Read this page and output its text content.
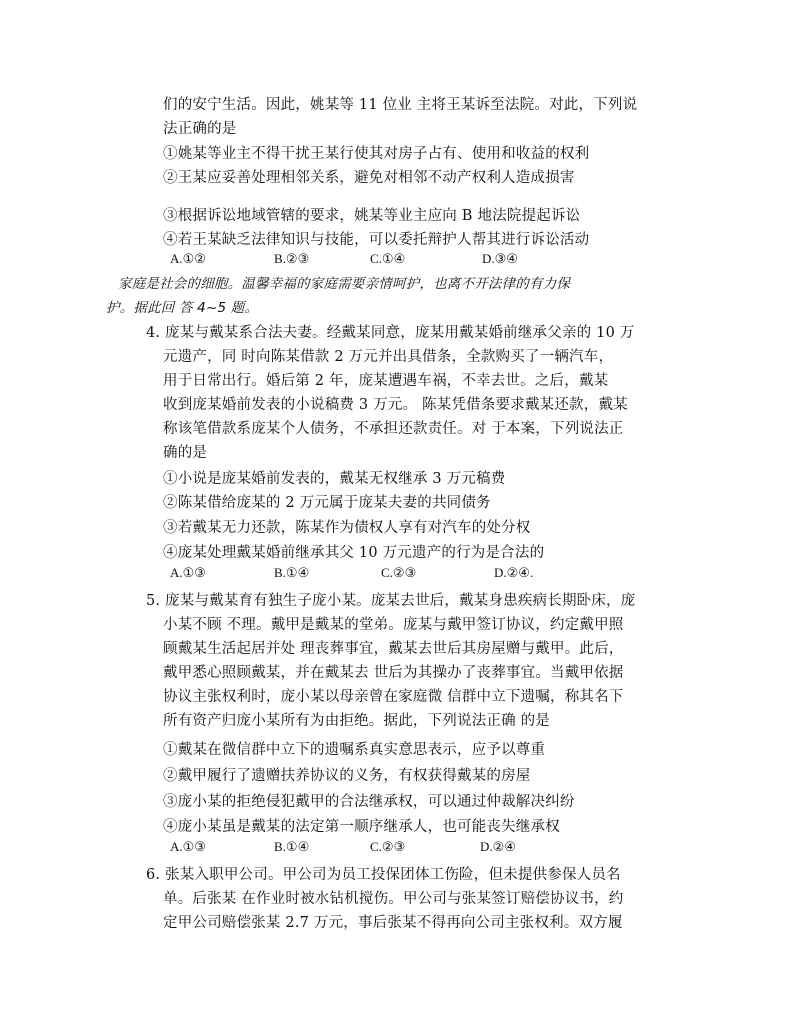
们的安宁生活。因此，姚某等 11 位业 主将王某诉至法院。对此，下列说
法正确的是
①姚某等业主不得干扰王某行使其对房子占有、使用和收益的权利
②王某应妥善处理相邻关系，避免对相邻不动产权利人造成损害
③根据诉讼地域管辖的要求，姚某等业主应向 B 地法院提起诉讼
④若王某缺乏法律知识与技能，可以委托辩护人帮其进行诉讼活动
A.①②	B.②③	C.①④	D.③④
家庭是社会的细胞。温馨幸福的家庭需要亲情呵护，也离不开法律的有力保
护。据此回 答 4~5 题。
4. 庞某与戴某系合法夫妻。经戴某同意，庞某用戴某婚前继承父亲的 10 万
元遗产，同 时向陈某借款 2 万元并出具借条，全款购买了一辆汽车，
用于日常出行。婚后第 2 年，庞某遭遇车祸，不幸去世。之后，戴某
收到庞某婚前发表的小说稿费 3 万元。 陈某凭借条要求戴某还款，戴某
称该笔借款系庞某个人债务，不承担还款责任。对 于本案，下列说法正
确的是
①小说是庞某婚前发表的，戴某无权继承 3 万元稿费
②陈某借给庞某的 2 万元属于庞某夫妻的共同债务
③若戴某无力还款，陈某作为债权人享有对汽车的处分权
④庞某处理戴某婚前继承其父 10 万元遗产的行为是合法的
A.①③	B.①④	C.②③	D.②④.
5. 庞某与戴某育有独生子庞小某。庞某去世后，戴某身患疾病长期卧床，庞
小某不顾 不理。戴甲是戴某的堂弟。庞某与戴甲签订协议，约定戴甲照
顾戴某生活起居并处 理丧葬事宜，戴某去世后其房屋赠与戴甲。此后，
戴甲悉心照顾戴某，并在戴某去 世后为其操办了丧葬事宜。当戴甲依据
协议主张权利时，庞小某以母亲曾在家庭微 信群中立下遗嘱，称其名下
所有资产归庞小某所有为由拒绝。据此，下列说法正确 的是
①戴某在微信群中立下的遗嘱系真实意思表示，应予以尊重
②戴甲履行了遗赠扶养协议的义务，有权获得戴某的房屋
③庞小某的拒绝侵犯戴甲的合法继承权，可以通过仲裁解决纠纷
④庞小某虽是戴某的法定第一顺序继承人，也可能丧失继承权
A.①③	B.①④	C.②③	D.②④
6. 张某入职甲公司。甲公司为员工投保团体工伤险，但未提供参保人员名
单。后张某 在作业时被水钻机搅伤。甲公司与张某签订赔偿协议书，约
定甲公司赔偿张某 2.7 万元，事后张某不得再向公司主张权利。双方履
